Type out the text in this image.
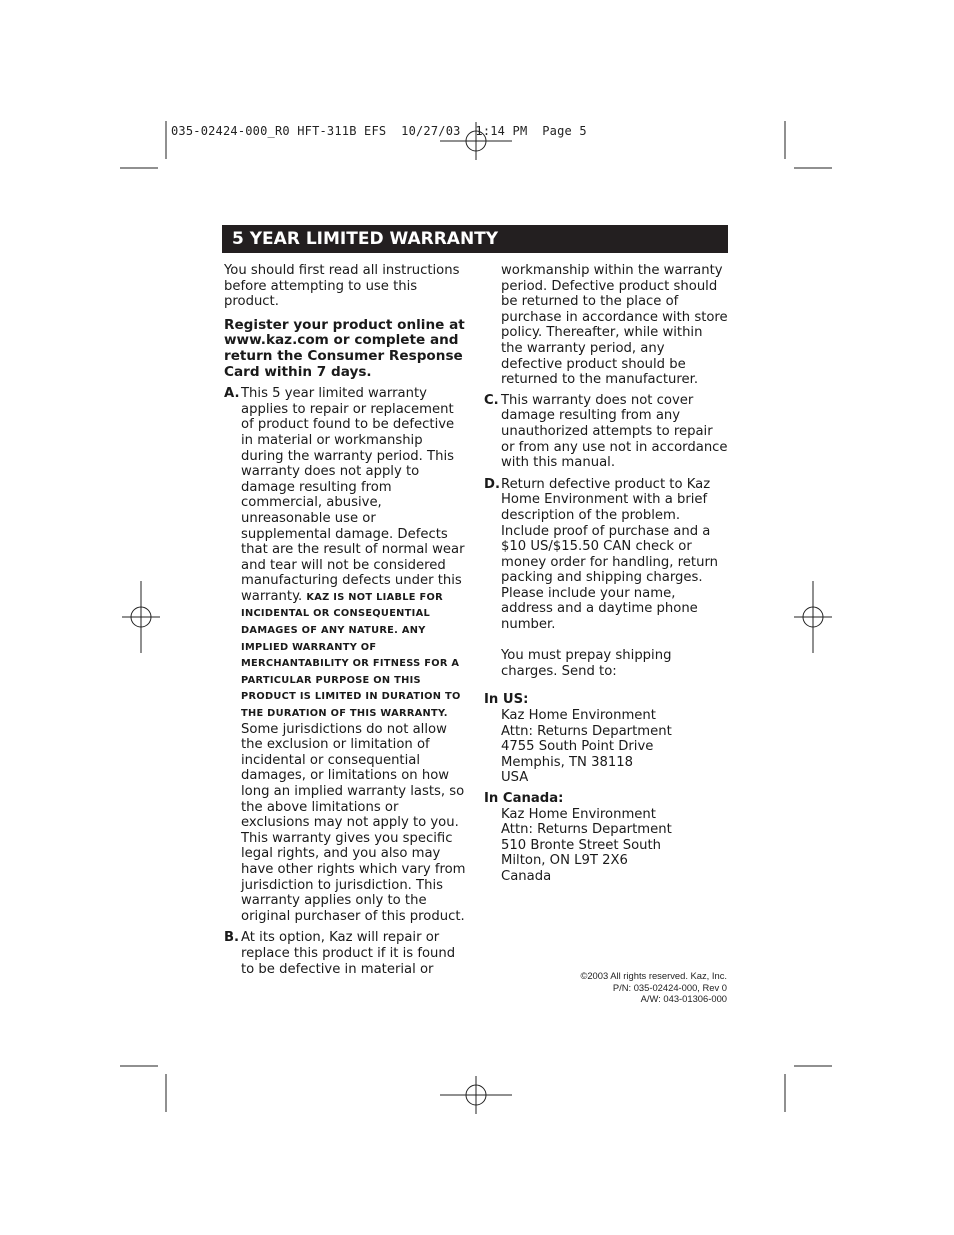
035-02424-000_R0 HFT-311B EFS  10/27/03  1:14 PM  Page 5
5 YEAR LIMITED WARRANTY

You should first read all instructions before attempting to use this product.

Register your product online at www.kaz.com or complete and return the Consumer Response Card within 7 days.

A. This 5 year limited warranty applies to repair or replacement of product found to be defective in material or workmanship during the warranty period. This warranty does not apply to damage resulting from commercial, abusive, unreasonable use or supplemental damage. Defects that are the result of normal wear and tear will not be considered manufacturing defects under this warranty. KAZ IS NOT LIABLE FOR INCIDENTAL OR CONSEQUENTIAL DAMAGES OF ANY NATURE. ANY IMPLIED WARRANTY OF MERCHANTABILITY OR FITNESS FOR A PARTICULAR PURPOSE ON THIS PRODUCT IS LIMITED IN DURATION TO THE DURATION OF THIS WARRANTY. Some jurisdictions do not allow the exclusion or limitation of incidental or consequential damages, or limitations on how long an implied warranty lasts, so the above limitations or exclusions may not apply to you. This warranty gives you specific legal rights, and you also may have other rights which vary from jurisdiction to jurisdiction. This warranty applies only to the original purchaser of this product.
B. At its option, Kaz will repair or replace this product if it is found to be defective in material or

workmanship within the warranty period. Defective product should be returned to the place of purchase in accordance with store policy. Thereafter, while within the warranty period, any defective product should be returned to the manufacturer.

C. This warranty does not cover damage resulting from any unauthorized attempts to repair or from any use not in accordance with this manual.
D. Return defective product to Kaz Home Environment with a brief description of the problem. Include proof of purchase and a $10 US/$15.50 CAN check or money order for handling, return packing and shipping charges. Please include your name, address and a daytime phone number.

You must prepay shipping charges. Send to:

In US:

Kaz Home Environment

Attn: Returns Department

4755 South Point Drive

Memphis, TN 38118

USA

In Canada:

Kaz Home Environment

Attn: Returns Department

510 Bronte Street South

Milton, ON L9T 2X6

Canada

©2003 All rights reserved. Kaz, Inc.
P/N: 035-02424-000, Rev 0
A/W: 043-01306-000
